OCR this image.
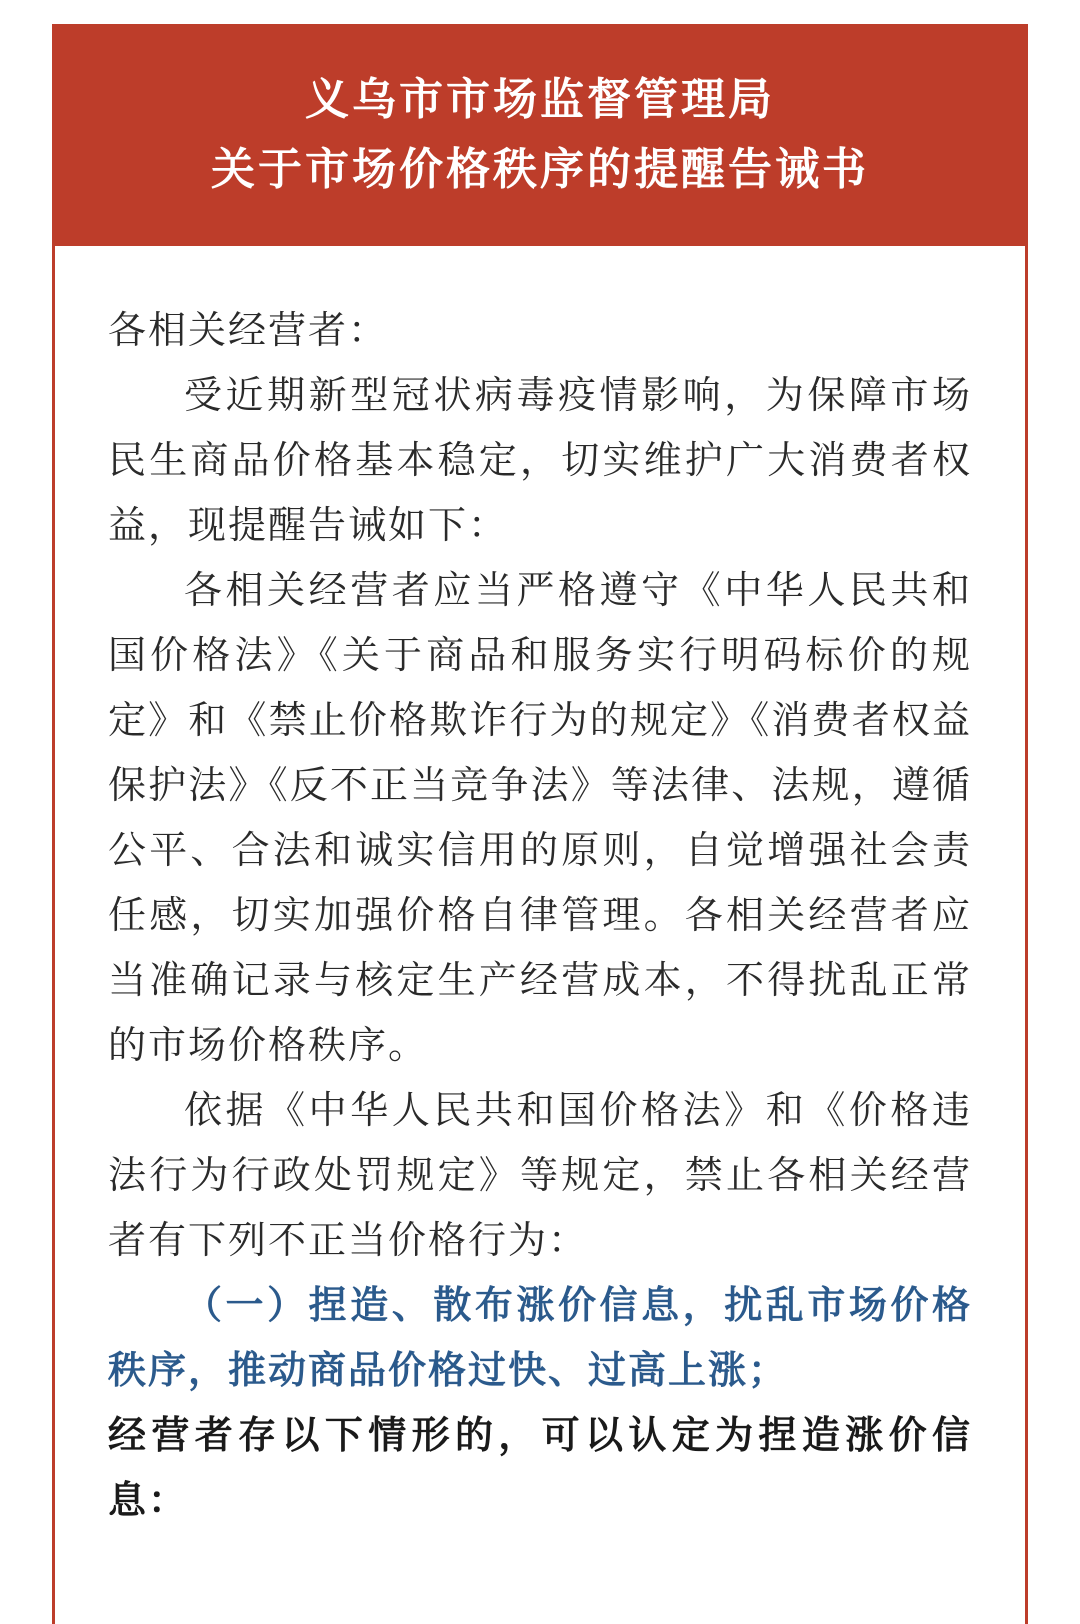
义乌市市场监督管理局
关于市场价格秩序的提醒告诫书

各相关经营者：

受近期新型冠状病毒疫情影响，为保障市场民生商品价格基本稳定，切实维护广大消费者权益，现提醒告诫如下：

各相关经营者应当严格遵守《中华人民共和国价格法》《关于商品和服务实行明码标价的规定》和《禁止价格欺诈行为的规定》《消费者权益保护法》《反不正当竞争法》等法律、法规，遵循公平、合法和诚实信用的原则，自觉增强社会责任感，切实加强价格自律管理。各相关经营者应当准确记录与核定生产经营成本，不得扰乱正常的市场价格秩序。

依据《中华人民共和国价格法》和《价格违法行为行政处罚规定》等规定，禁止各相关经营者有下列不正当价格行为：

（一）捏造、散布涨价信息，扰乱市场价格秩序，推动商品价格过快、过高上涨；

经营者存以下情形的，可以认定为捏造涨价信息：
